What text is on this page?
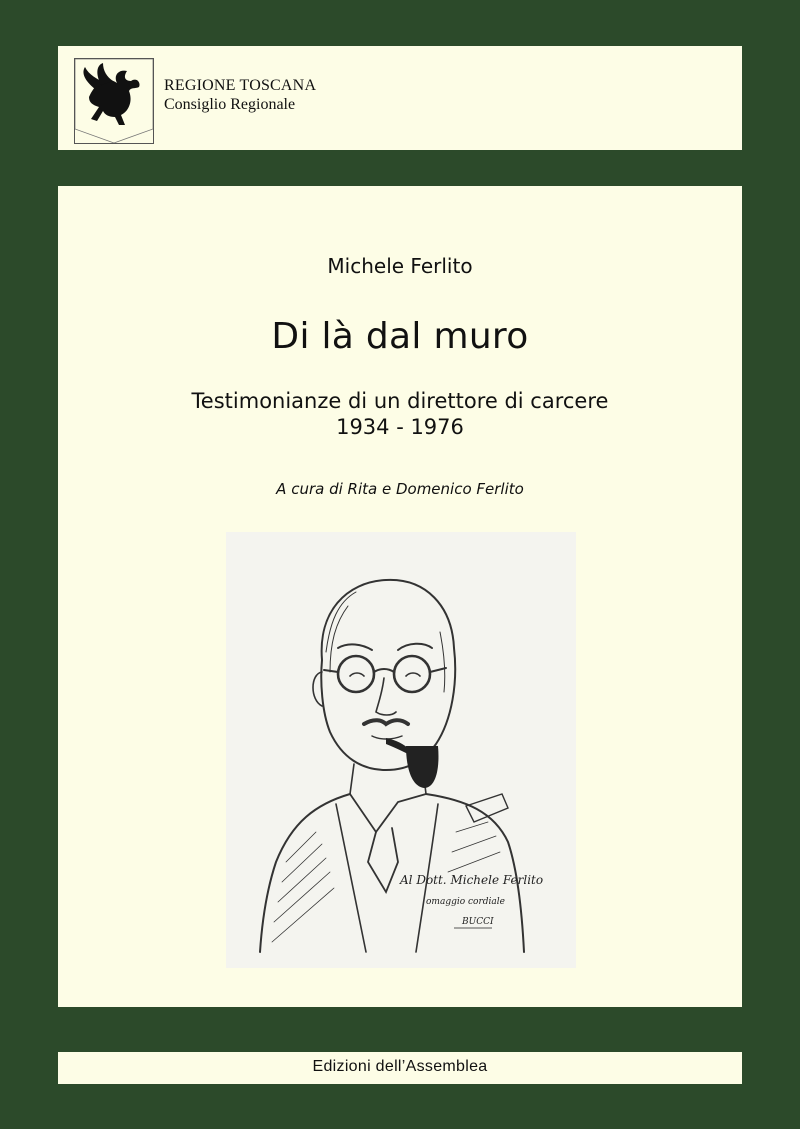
REGIONE TOSCANA
Consiglio Regionale
Michele Ferlito
Di là dal muro
Testimonianze di un direttore di carcere
1934 - 1976
A cura di Rita e Domenico Ferlito
Al Dott. Michele Ferlito
omaggio cordiale
BUCCI
Edizioni dell’Assemblea
